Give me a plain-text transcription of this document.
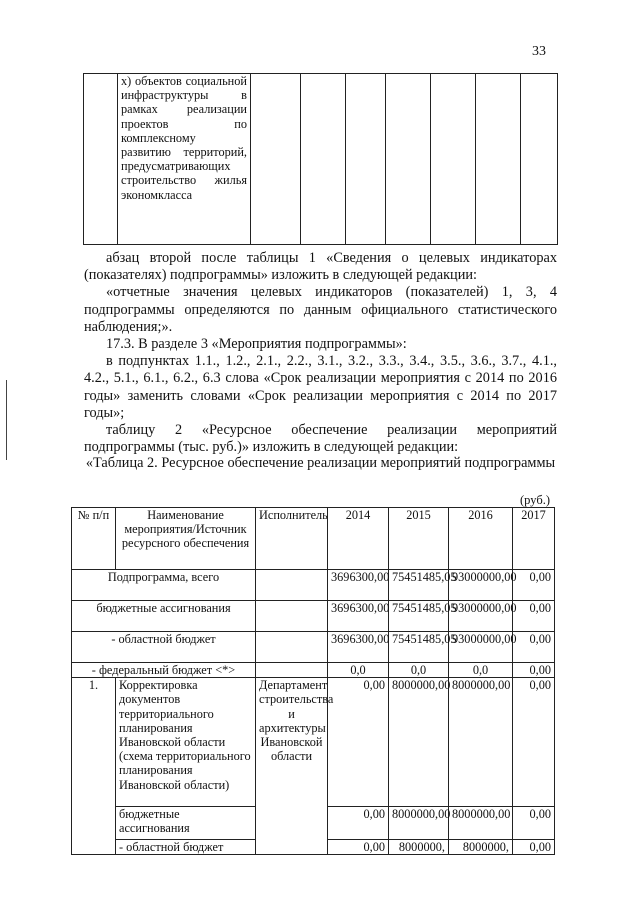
33
	х) объектов социальной инфраструктуры в рамках реализации проектов по комплексному развитию территорий, предусматривающих строительство жилья экономкласса							

абзац второй после таблицы 1 «Сведения о целевых индикаторах (показателях) подпрограммы» изложить в следующей редакции:

«отчетные значения целевых индикаторов (показателей) 1, 3, 4 подпрограммы определяются по данным официального статистического наблюдения;».

17.3. В разделе 3 «Мероприятия подпрограммы»:

в подпунктах 1.1., 1.2., 2.1., 2.2., 3.1., 3.2., 3.3., 3.4., 3.5., 3.6., 3.7., 4.1., 4.2., 5.1., 6.1., 6.2., 6.3 слова «Срок реализации мероприятия с 2014 по 2016 годы» заменить словами «Срок реализации мероприятия с 2014 по 2017 годы»;

таблицу 2 «Ресурсное обеспечение реализации мероприятий подпрограммы (тыс. руб.)» изложить в следующей редакции:

«Таблица 2. Ресурсное обеспечение реализации мероприятий подпрограммы
(руб.)
№ п/п	Наименование мероприятия/Источник ресурсного обеспечения	Исполнитель	2014	2015	2016	2017
Подпрограмма, всего			3696300,00	75451485,05	93000000,00	0,00
бюджетные ассигнования			3696300,00	75451485,05	93000000,00	0,00
- областной бюджет			3696300,00	75451485,05	93000000,00	0,00
- федеральный бюджет <*>			0,0	0,0	0,0	0,00
1.	Корректировка документов территориального планирования Ивановской области (схема территориального планирования Ивановской области)	Департамент строительства и архитектуры Ивановской области	0,00	8000000,00	8000000,00	0,00
	бюджетные ассигнования		0,00	8000000,00	8000000,00	0,00
	- областной бюджет		0,00	8000000,	8000000,	0,00
